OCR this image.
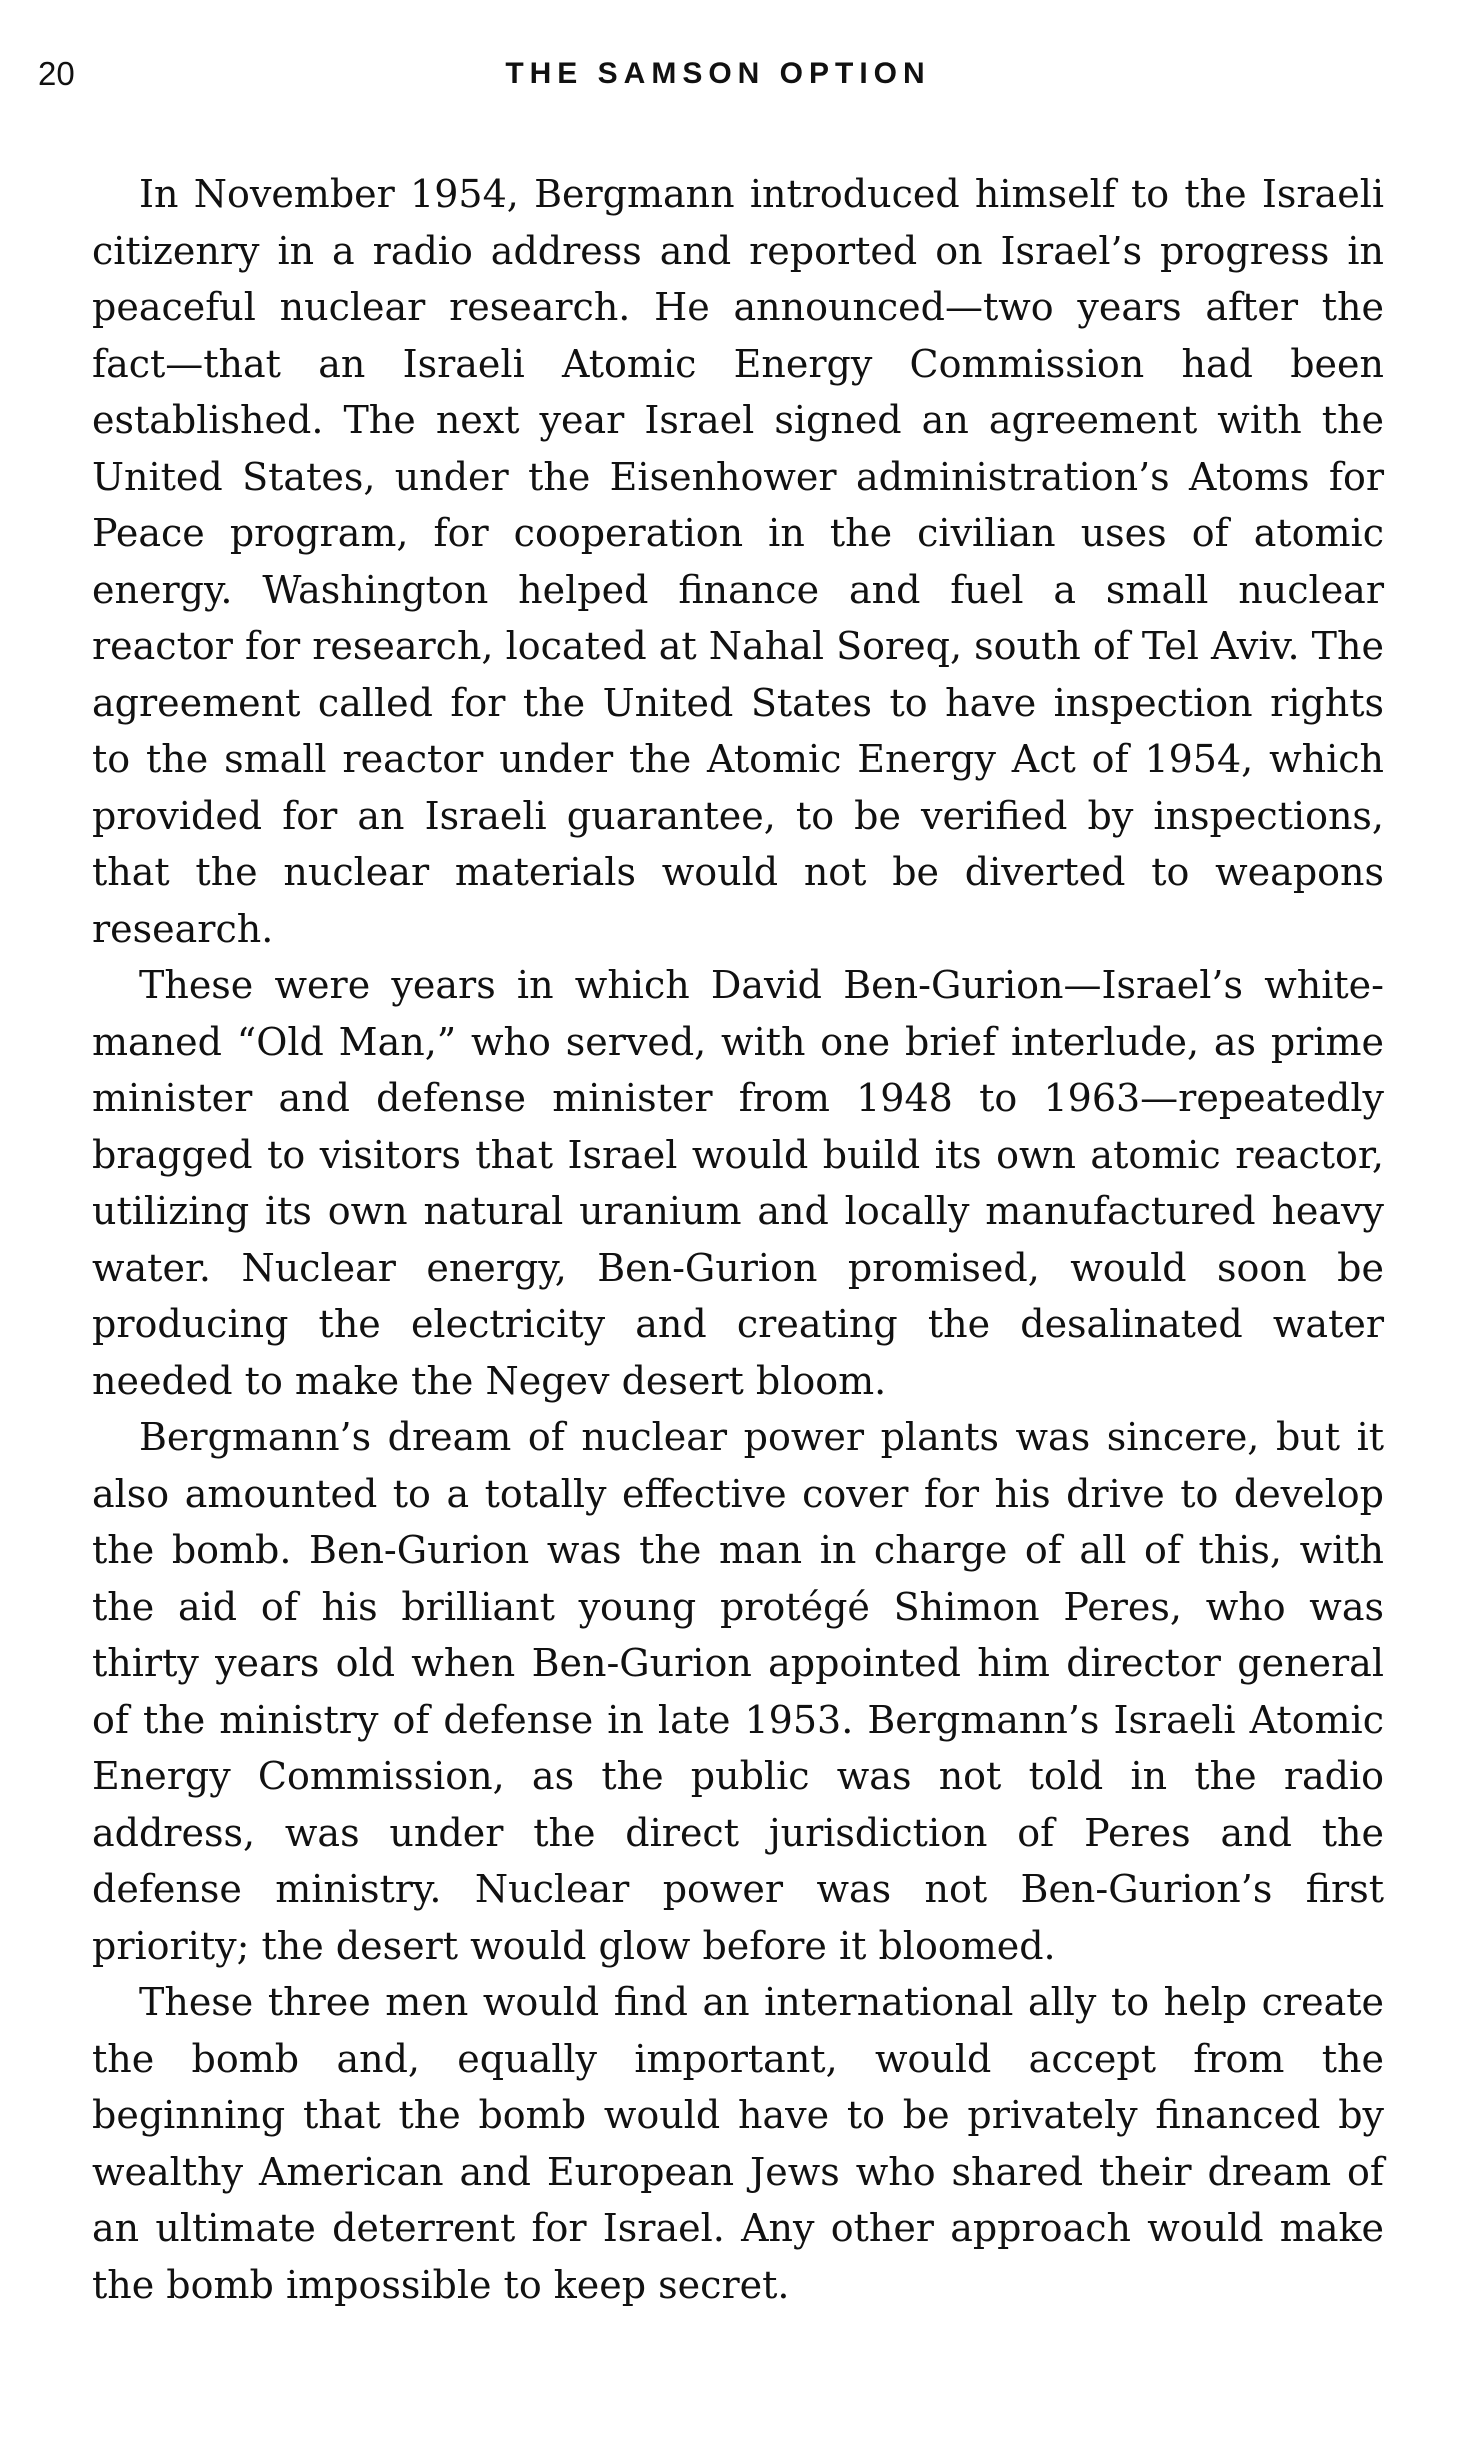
20	THE SAMSON OPTION

In November 1954, Bergmann introduced himself to the Israeli citizenry in a radio address and reported on Israel’s progress in peaceful nuclear research. He announced—two years after the fact—that an Israeli Atomic Energy Commission had been established. The next year Israel signed an agreement with the United States, under the Eisenhower administration’s Atoms for Peace program, for cooperation in the civilian uses of atomic energy. Washington helped finance and fuel a small nuclear reactor for research, located at Nahal Soreq, south of Tel Aviv. The agreement called for the United States to have inspection rights to the small reactor under the Atomic Energy Act of 1954, which provided for an Israeli guarantee, to be verified by inspections, that the nuclear materials would not be diverted to weapons research.

These were years in which David Ben-Gurion—Israel’s white-maned “Old Man,” who served, with one brief interlude, as prime minister and defense minister from 1948 to 1963—repeatedly bragged to visitors that Israel would build its own atomic reactor, utilizing its own natural uranium and locally manufactured heavy water. Nuclear energy, Ben-Gurion promised, would soon be producing the electricity and creating the desalinated water needed to make the Negev desert bloom.

Bergmann’s dream of nuclear power plants was sincere, but it also amounted to a totally effective cover for his drive to develop the bomb. Ben-Gurion was the man in charge of all of this, with the aid of his brilliant young protégé Shimon Peres, who was thirty years old when Ben-Gurion appointed him director general of the ministry of defense in late 1953. Bergmann’s Israeli Atomic Energy Commission, as the public was not told in the radio address, was under the direct jurisdiction of Peres and the defense ministry. Nuclear power was not Ben-Gurion’s first priority; the desert would glow before it bloomed.

These three men would find an international ally to help create the bomb and, equally important, would accept from the beginning that the bomb would have to be privately financed by wealthy American and European Jews who shared their dream of an ultimate deterrent for Israel. Any other approach would make the bomb impossible to keep secret.
